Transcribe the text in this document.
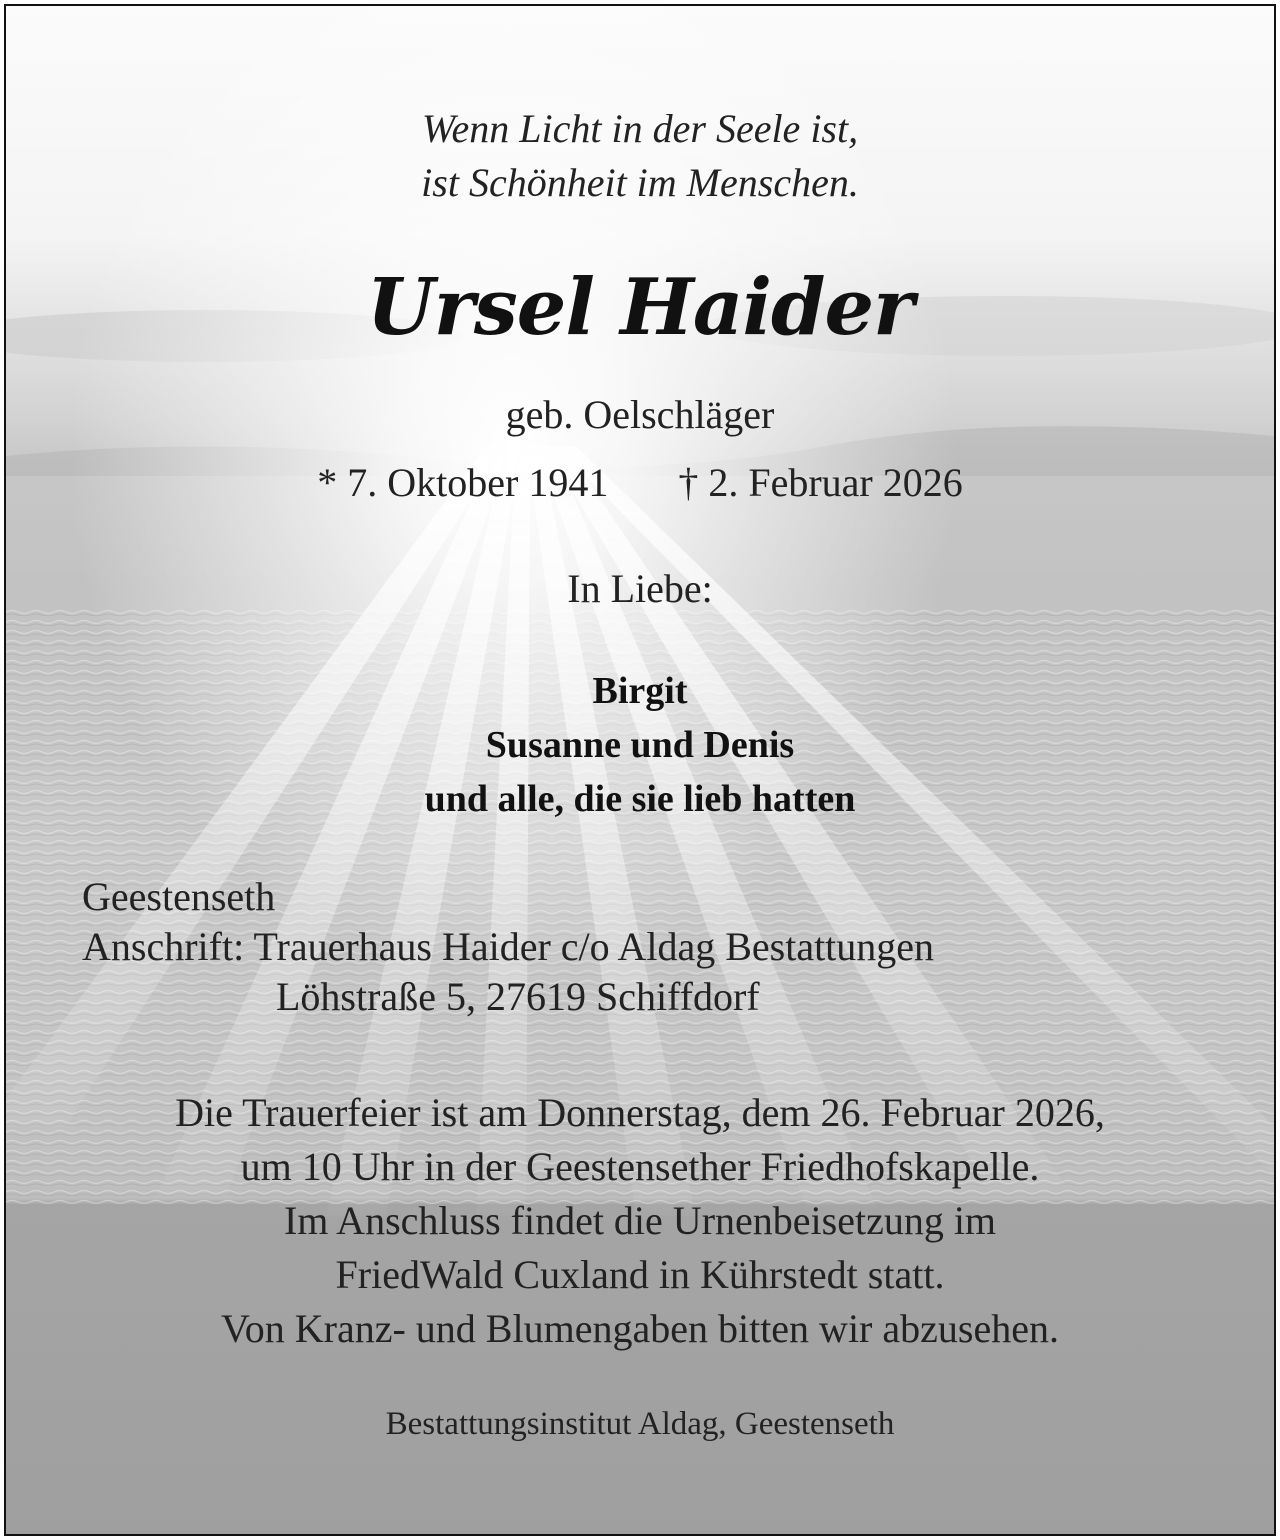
Wenn Licht in der Seele ist,
ist Schönheit im Menschen.
Ursel Haider
geb. Oelschläger
* 7. Oktober 1941 † 2. Februar 2026
In Liebe:
Birgit
Susanne und Denis
und alle, die sie lieb hatten
Geestenseth
Anschrift: Trauerhaus Haider c/o Aldag Bestattungen
Löhstraße 5, 27619 Schiffdorf
Die Trauerfeier ist am Donnerstag, dem 26. Februar 2026,
um 10 Uhr in der Geestensether Friedhofskapelle.
Im Anschluss findet die Urnenbeisetzung im
FriedWald Cuxland in Kührstedt statt.
Von Kranz- und Blumengaben bitten wir abzusehen.
Bestattungsinstitut Aldag, Geestenseth
